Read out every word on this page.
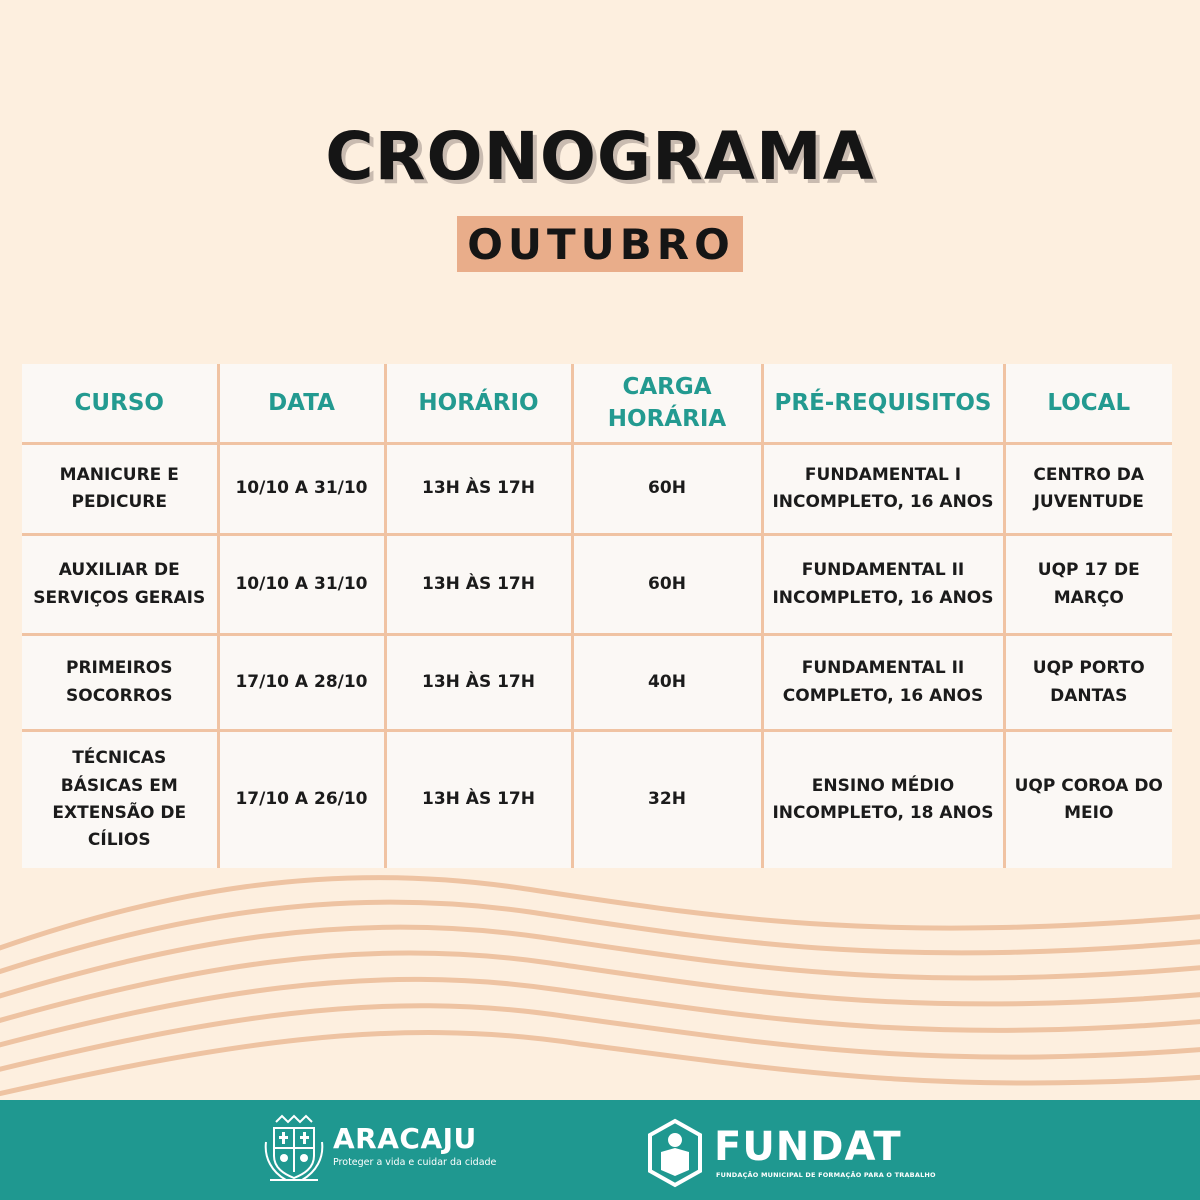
CRONOGRAMA
OUTUBRO
CURSO	DATA	HORÁRIO	CARGA HORÁRIA	PRÉ-REQUISITOS	LOCAL
MANICURE E PEDICURE	10/10 A 31/10	13H ÀS 17H	60H	FUNDAMENTAL I INCOMPLETO, 16 ANOS	CENTRO DA JUVENTUDE
AUXILIAR DE SERVIÇOS GERAIS	10/10 A 31/10	13H ÀS 17H	60H	FUNDAMENTAL II INCOMPLETO, 16 ANOS	UQP 17 DE MARÇO
PRIMEIROS SOCORROS	17/10 A 28/10	13H ÀS 17H	40H	FUNDAMENTAL II COMPLETO, 16 ANOS	UQP PORTO DANTAS
TÉCNICAS BÁSICAS EM EXTENSÃO DE CÍLIOS	17/10 A 26/10	13H ÀS 17H	32H	ENSINO MÉDIO INCOMPLETO, 18 ANOS	UQP COROA DO MEIO
ARACAJU
Proteger a vida e cuidar da cidade	FUNDAT
FUNDAÇÃO MUNICIPAL DE FORMAÇÃO PARA O TRABALHO
